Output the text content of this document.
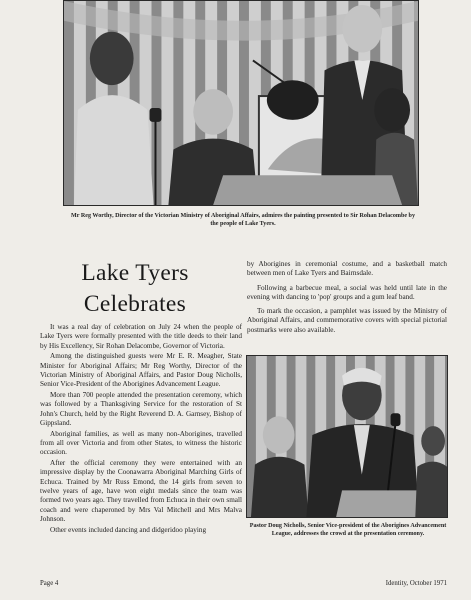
Mr Reg Worthy, Director of the Victorian Ministry of Aboriginal Affairs, admires the painting presented to Sir Rohan Delacombe by the people of Lake Tyers.
Lake Tyers
Celebrates

It was a real day of celebration on July 24 when the people of Lake Tyers were formally presented with the title deeds to their land by His Excellency, Sir Rohan Delacombe, Governor of Victoria.

Among the distinguished guests were Mr E. R. Meagher, State Minister for Aboriginal Affairs; Mr Reg Worthy, Director of the Victorian Ministry of Aboriginal Affairs, and Pastor Doug Nicholls, Senior Vice-President of the Aborigines Advancement League.

More than 700 people attended the presentation ceremony, which was followed by a Thanksgiving Service for the restoration of St John's Church, held by the Right Reverend D. A. Garnsey, Bishop of Gippsland.

Aboriginal families, as well as many non-Aborigines, travelled from all over Victoria and from other States, to witness the historic occasion.

After the official ceremony they were entertained with an impressive display by the Coonawarra Aboriginal Marching Girls of Echuca. Trained by Mr Russ Emond, the 14 girls from seven to twelve years of age, have won eight medals since the team was formed two years ago. They travelled from Echuca in their own small coach and were chaperoned by Mrs Val Mitchell and Mrs Malva Johnson.

Other events included dancing and didgeridoo playing

by Aborigines in ceremonial costume, and a basketball match between men of Lake Tyers and Bairnsdale.

Following a barbecue meal, a social was held until late in the evening with dancing to 'pop' groups and a gum leaf band.

To mark the occasion, a pamphlet was issued by the Ministry of Aboriginal Affairs, and commemorative covers with special pictorial postmarks were also available.

Pastor Doug Nicholls, Senior Vice-president of the Aborigines Advancement League, addresses the crowd at the presentation ceremony.
Page 4	Identity, October 1971
